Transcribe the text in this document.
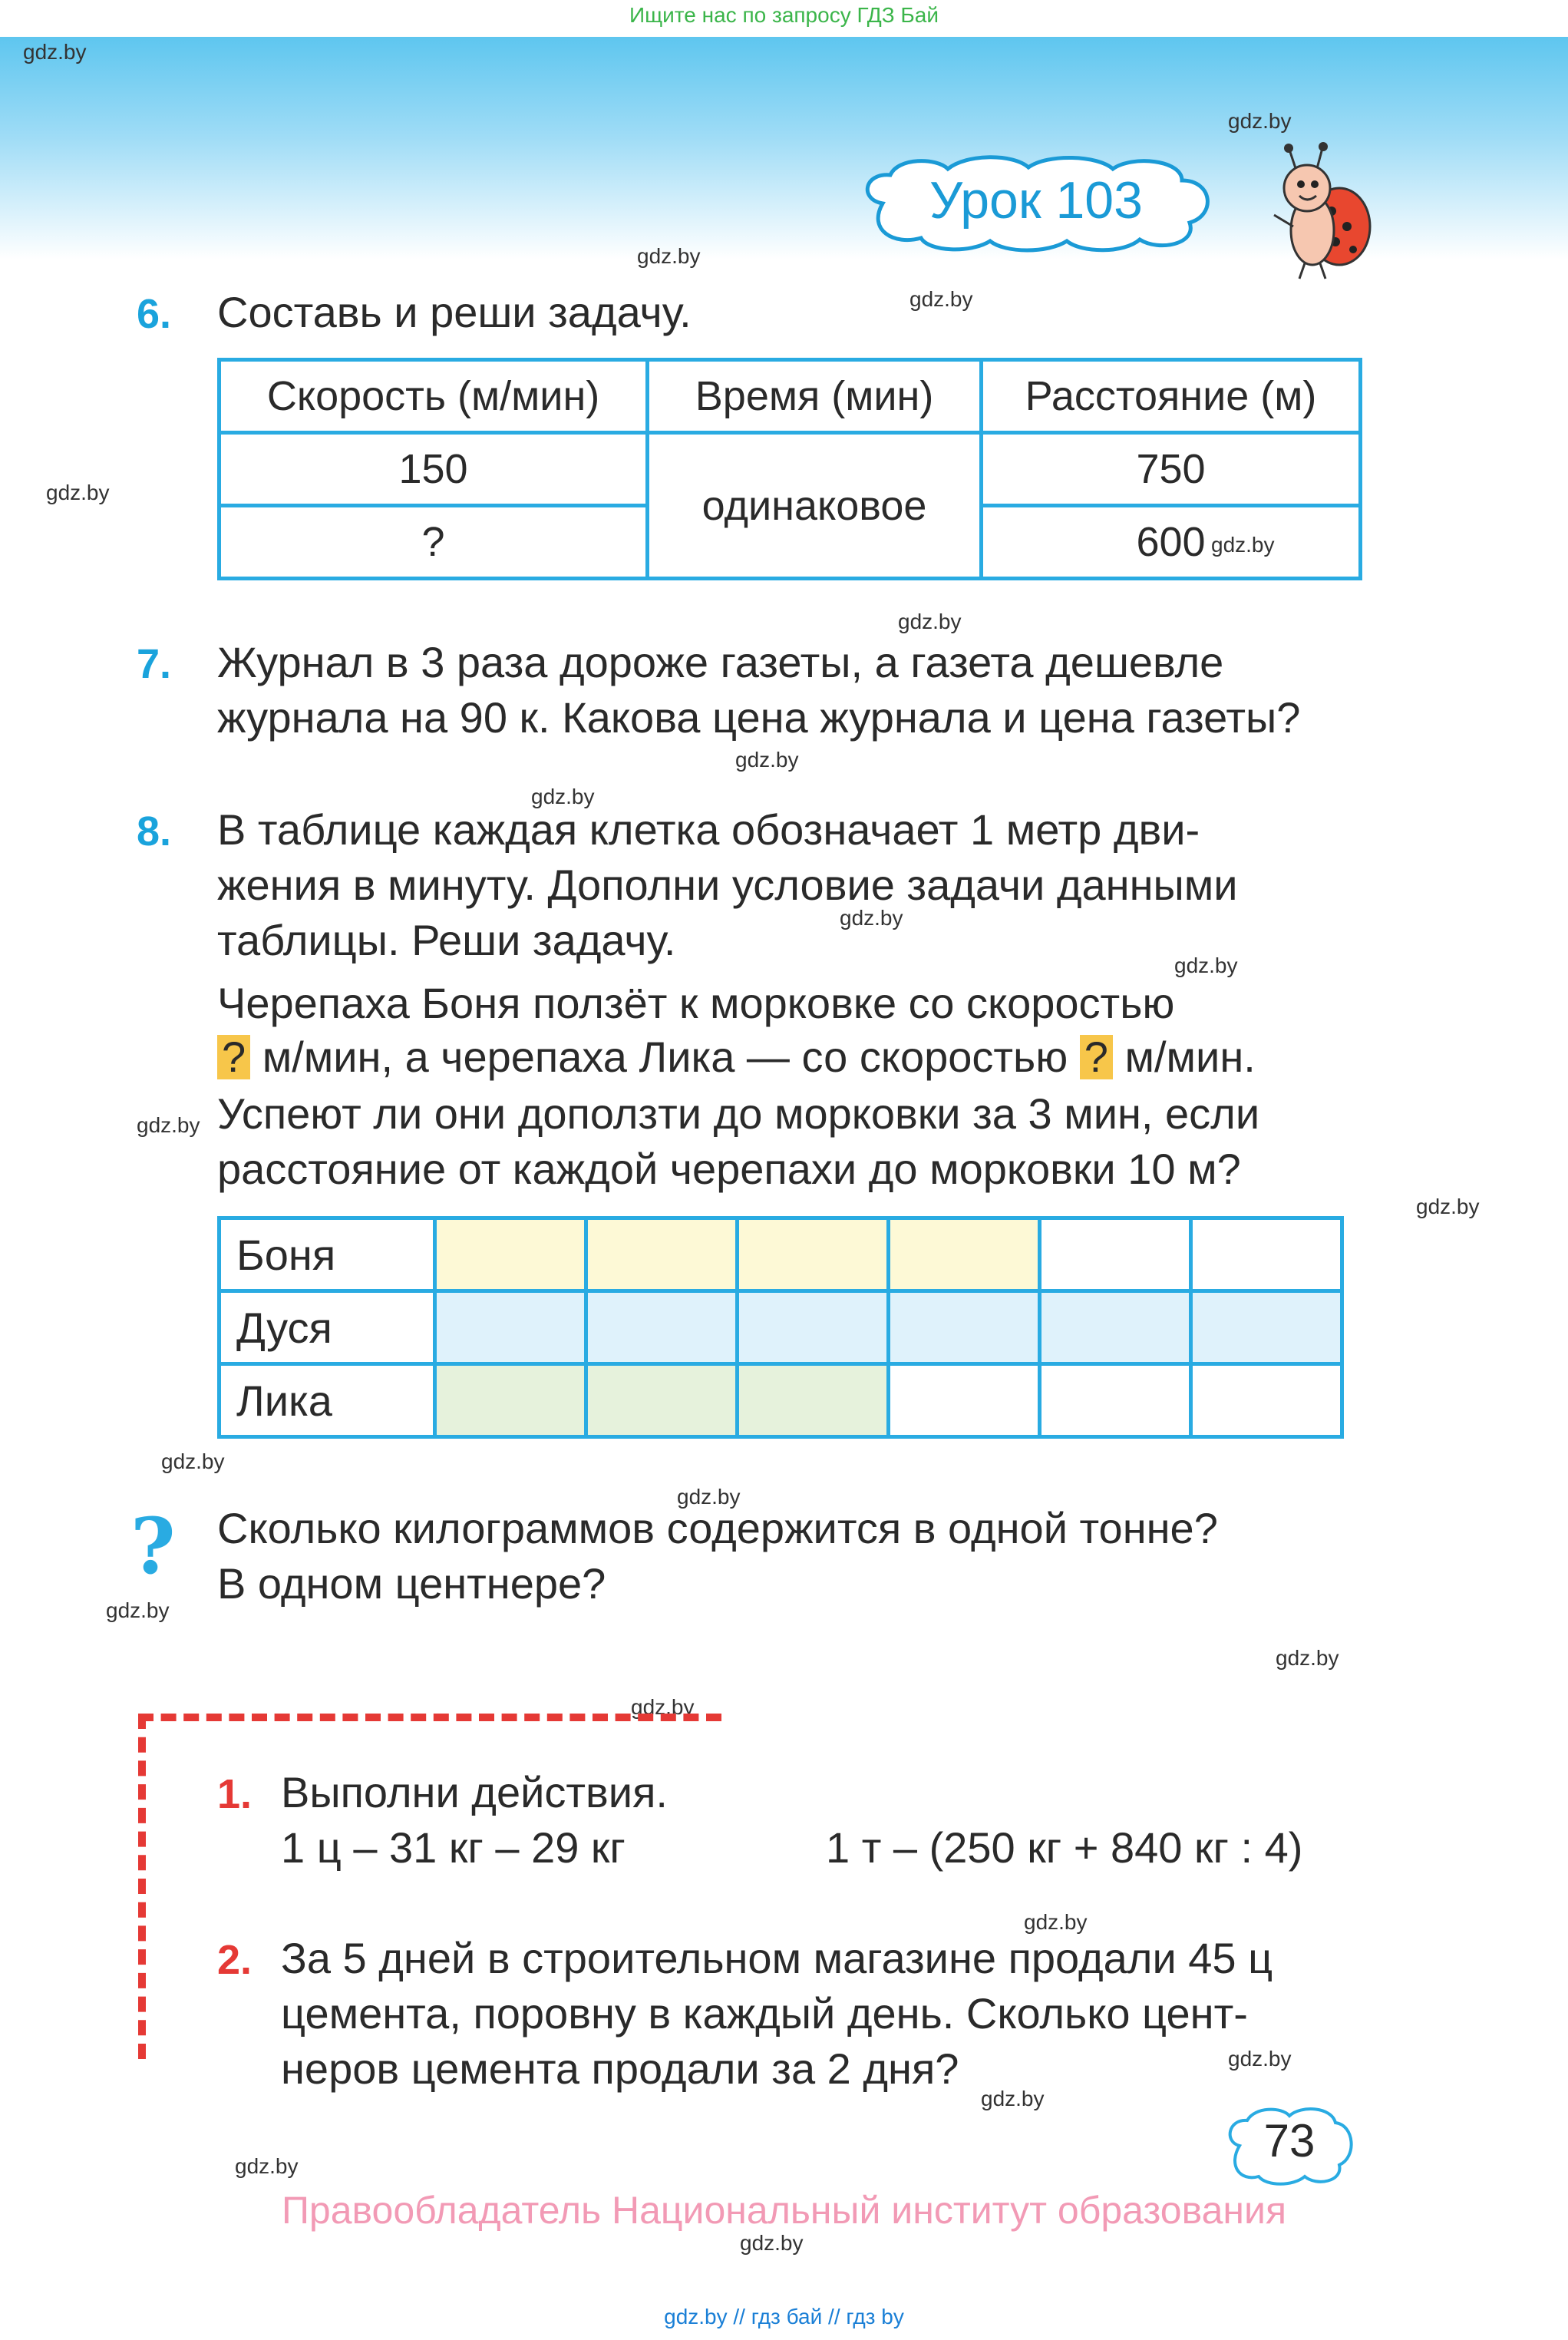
Ищите нас по запросу ГДЗ Бай
gdz.by
gdz.by
gdz.by
gdz.by
gdz.by
gdz.by
gdz.by
gdz.by
gdz.by
gdz.by
gdz.by
gdz.by
gdz.by
gdz.by
gdz.by
gdz.by
gdz.by
gdz.by
gdz.by
gdz.by
gdz.by
gdz.by
gdz.by
Урок 103
6. Составь и реши задачу.
Скорость (м/мин)	Время (мин)	Расстояние (м)
150	одинаковое	750
?		600
7. Журнал в 3 раза дороже газеты, а газета дешевле
журнала на 90 к. Какова цена журнала и цена газеты?
8. В таблице каждая клетка обозначает 1 метр дви-
жения в минуту. Дополни условие задачи данными
таблицы. Реши задачу.
Черепаха Боня ползёт к морковке со скоростью
? м/мин, а черепаха Лика — со скоростью ? м/мин.
Успеют ли они доползти до морковки за 3 мин, если
расстояние от каждой черепахи до морковки 10 м?
Боня						
Дуся						
Лика						
? Сколько килограммов содержится в одной тонне?
В одном центнере?
1. Выполни действия.
1 ц – 31 кг – 29 кг	1 т – (250 кг + 840 кг : 4)
2. За 5 дней в строительном магазине продали 45 ц
цемента, поровну в каждый день. Сколько цент-
неров цемента продали за 2 дня?
73
Правообладатель Национальный институт образования
gdz.by // гдз бай // гдз by
